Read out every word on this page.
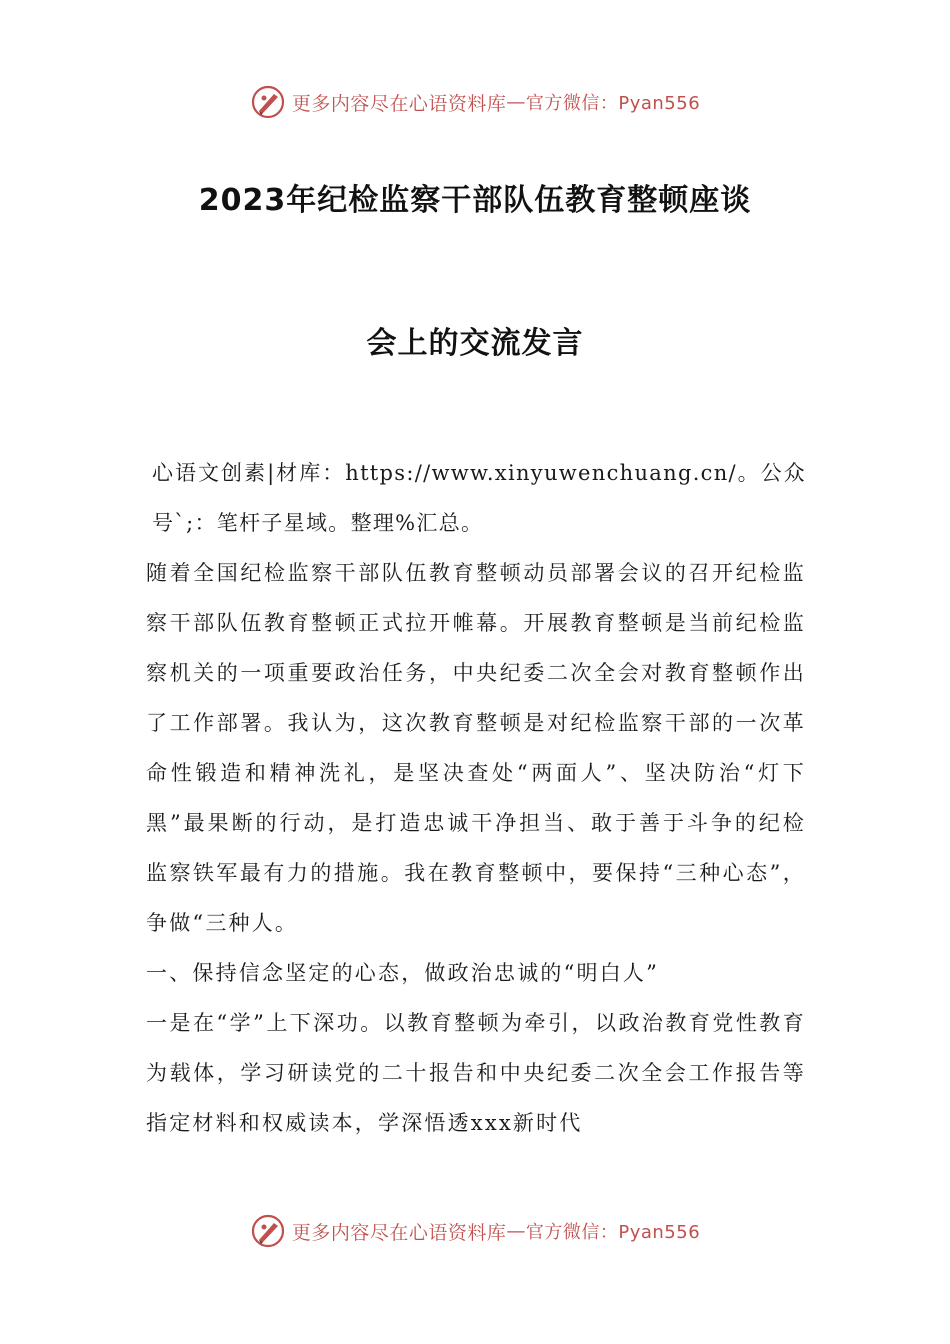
更多内容尽在心语资料库 — 官方微信：Pyan556
2023年纪检监察干部队伍教育整顿座谈
会上的交流发言

心语文创素|材库：https://www.xinyuwenchuang.cn/。公众号`;：笔杆子星域。整理%汇总。

随着全国纪检监察干部队伍教育整顿动员部署会议的召开纪检监察干部队伍教育整顿正式拉开帷幕。开展教育整顿是当前纪检监察机关的一项重要政治任务，中央纪委二次全会对教育整顿作出了工作部署。我认为，这次教育整顿是对纪检监察干部的一次革命性锻造和精神洗礼，是坚决查处“两面人”、坚决防治“灯下黑”最果断的行动，是打造忠诚干净担当、敢于善于斗争的纪检监察铁军最有力的措施。我在教育整顿中，要保持“三种心态”，争做“三种人。

一、保持信念坚定的心态，做政治忠诚的“明白人”

一是在“学”上下深功。以教育整顿为牵引，以政治教育党性教育为载体，学习研读党的二十报告和中央纪委二次全会工作报告等指定材料和权威读本，学深悟透xxx新时代

更多内容尽在心语资料库 — 官方微信：Pyan556
